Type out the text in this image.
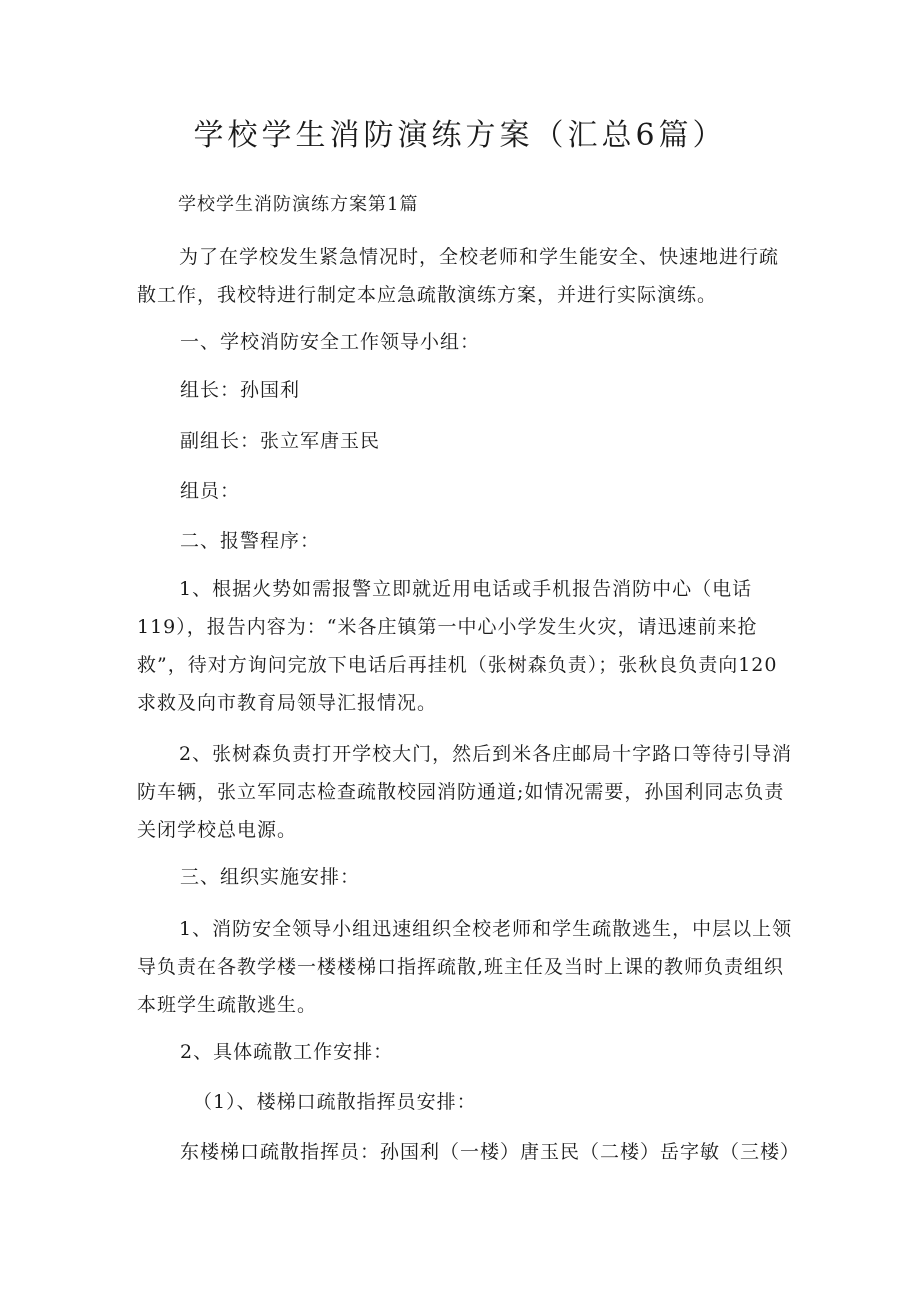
学校学生消防演练方案（汇总6篇）

学校学生消防演练方案第1篇

为了在学校发生紧急情况时，全校老师和学生能安全、快速地进行疏散工作，我校特进行制定本应急疏散演练方案，并进行实际演练。

一、学校消防安全工作领导小组：

组长：孙国利

副组长：张立军唐玉民

组员：

二、报警程序：

1、根据火势如需报警立即就近用电话或手机报告消防中心（电话119），报告内容为：“米各庄镇第一中心小学发生火灾，请迅速前来抢救”，待对方询问完放下电话后再挂机（张树森负责）；张秋良负责向120求救及向市教育局领导汇报情况。

2、张树森负责打开学校大门，然后到米各庄邮局十字路口等待引导消防车辆，张立军同志检查疏散校园消防通道;如情况需要，孙国利同志负责关闭学校总电源。

三、组织实施安排：

1、消防安全领导小组迅速组织全校老师和学生疏散逃生，中层以上领导负责在各教学楼一楼楼梯口指挥疏散,班主任及当时上课的教师负责组织本班学生疏散逃生。

2、具体疏散工作安排：

（1）、楼梯口疏散指挥员安排：

东楼梯口疏散指挥员：孙国利（一楼）唐玉民（二楼）岳字敏（三楼）
